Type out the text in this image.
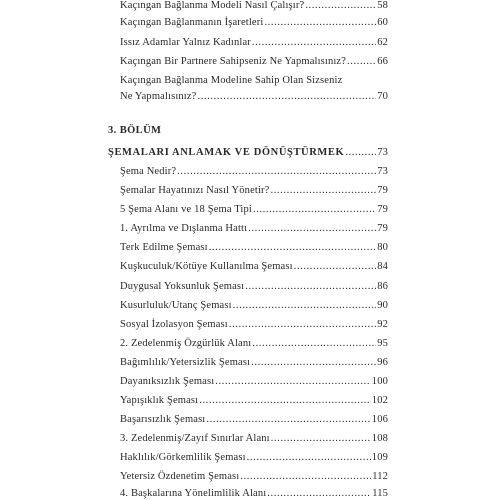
Kaçıngan Bağlanma Modeli Nasıl Çalışır? .....	58
Kaçıngan Bağlanmanın İşaretleri .....	60
Issız Adamlar Yalnız Kadınlar .....	62
Kaçıngan Bir Partnere Sahipseniz Ne Yapmalısınız? .....	66
Kaçıngan Bağlanma Modeline Sahip Olan Sizseniz
Ne Yapmalısınız? .....	70
3. BÖLÜM
ŞEMALARI ANLAMAK VE DÖNÜŞTÜRMEK .....	73
Şema Nedir? .....	73
Şemalar Hayatınızı Nasıl Yönetir? .....	79
5 Şema Alanı ve 18 Şema Tipi .....	79
1. Ayrılma ve Dışlanma Hattı .....	79
Terk Edilme Şeması .....	80
Kuşkuculuk/Kötüye Kullanılma Şeması .....	84
Duygusal Yoksunluk Şeması .....	86
Kusurluluk/Utanç Şeması .....	90
Sosyal İzolasyon Şeması .....	92
2. Zedelenmiş Özgürlük Alanı .....	95
Bağımlılık/Yetersizlik Şeması .....	96
Dayanıksızlık Şeması .....	100
Yapışıklık Şeması .....	102
Başarısızlık Şeması .....	106
3. Zedelenmiş/Zayıf Sınırlar Alanı .....	108
Haklılık/Görkemlilik Şeması .....	109
Yetersiz Özdenetim Şeması .....	112
4. Başkalarına Yönelimlilik Alanı .....	115
